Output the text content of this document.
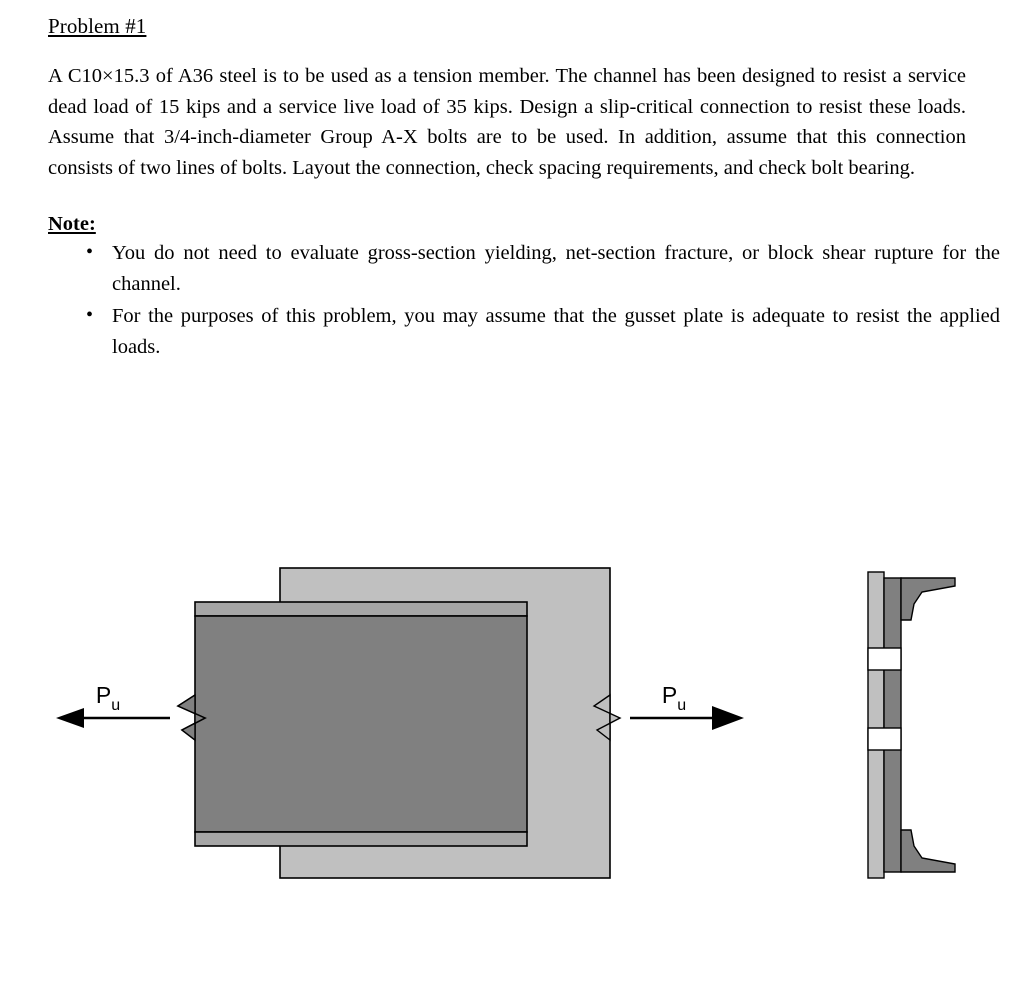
Problem #1

A C10×15.3 of A36 steel is to be used as a tension member. The channel has been designed to resist a service dead load of 15 kips and a service live load of 35 kips. Design a slip-critical connection to resist these loads. Assume that 3/4-inch-diameter Group A-X bolts are to be used. In addition, assume that this connection consists of two lines of bolts. Layout the connection, check spacing requirements, and check bolt bearing.

Note:
• You do not need to evaluate gross-section yielding, net-section fracture, or block shear rupture for the channel.
• For the purposes of this problem, you may assume that the gusset plate is adequate to resist the applied loads.
$P_u$	$P_u$
